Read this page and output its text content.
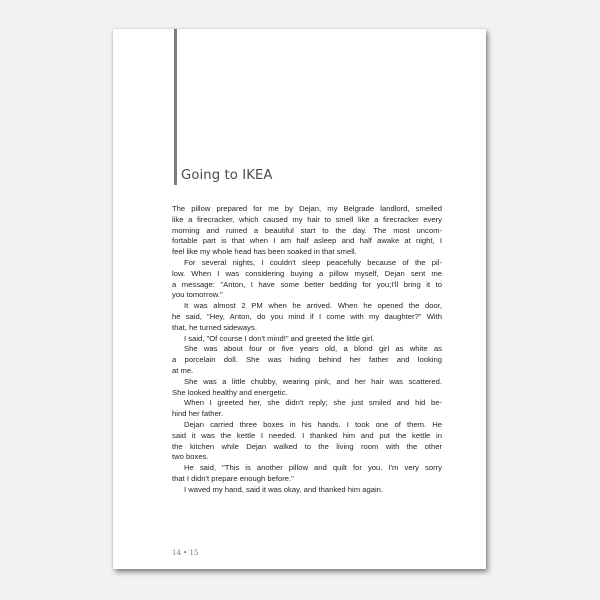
Going to IKEA
The pillow prepared for me by Dejan, my Belgrade landlord, smelled
like a firecracker, which caused my hair to smell like a firecracker every
morning and ruined a beautiful start to the day. The most uncom-
fortable part is that when I am half asleep and half awake at night, I
feel like my whole head has been soaked in that smell.
For several nights, I couldn't sleep peacefully because of the pil-
low. When I was considering buying a pillow myself, Dejan sent me
a message: "Anton, I have some better bedding for you;I'll bring it to
you tomorrow."
It was almost 2 PM when he arrived. When he opened the door,
he said, "Hey, Anton, do you mind if I come with my daughter?" With
that, he turned sideways.
I said, "Of course I don't mind!" and greeted the little girl.
She was about four or five years old, a blond girl as white as
a porcelain doll. She was hiding behind her father and looking
at me.
She was a little chubby, wearing pink, and her hair was scattered.
She looked healthy and energetic.
When I greeted her, she didn't reply; she just smiled and hid be-
hind her father.
Dejan carried three boxes in his hands. I took one of them. He
said it was the kettle I needed. I thanked him and put the kettle in
the kitchen while Dejan walked to the living room with the other
two boxes.
He said, "This is another pillow and quilt for you. I'm very sorry
that I didn't prepare enough before."
I waved my hand, said it was okay, and thanked him again.
14 • 15
